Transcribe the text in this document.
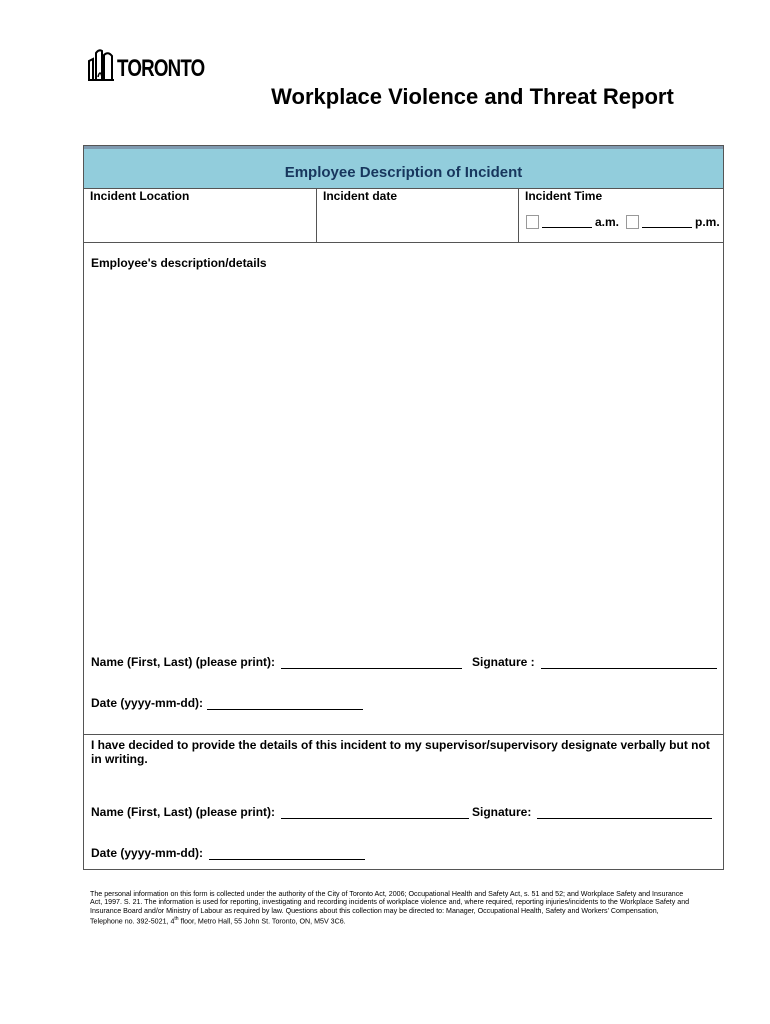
TORONTO
Workplace Violence and Threat Report
Employee Description of Incident
Incident Location	Incident date	Incident Time
a.m.	p.m.
Employee's description/details
Name (First, Last) (please print):	Signature :
Date (yyyy-mm-dd):
I have decided to provide the details of this incident to my supervisor/supervisory designate verbally but not in writing.
Name (First, Last) (please print):	Signature:
Date (yyyy-mm-dd):
The personal information on this form is collected under the authority of the City of Toronto Act, 2006; Occupational Health and Safety Act, s. 51 and 52; and Workplace Safety and Insurance Act, 1997. S. 21. The information is used for reporting, investigating and recording incidents of workplace violence and, where required, reporting injuries/incidents to the Workplace Safety and Insurance Board and/or Ministry of Labour as required by law. Questions about this collection may be directed to: Manager, Occupational Health, Safety and Workers' Compensation, Telephone no. 392-5021, 4th floor, Metro Hall, 55 John St. Toronto, ON, M5V 3C6.
